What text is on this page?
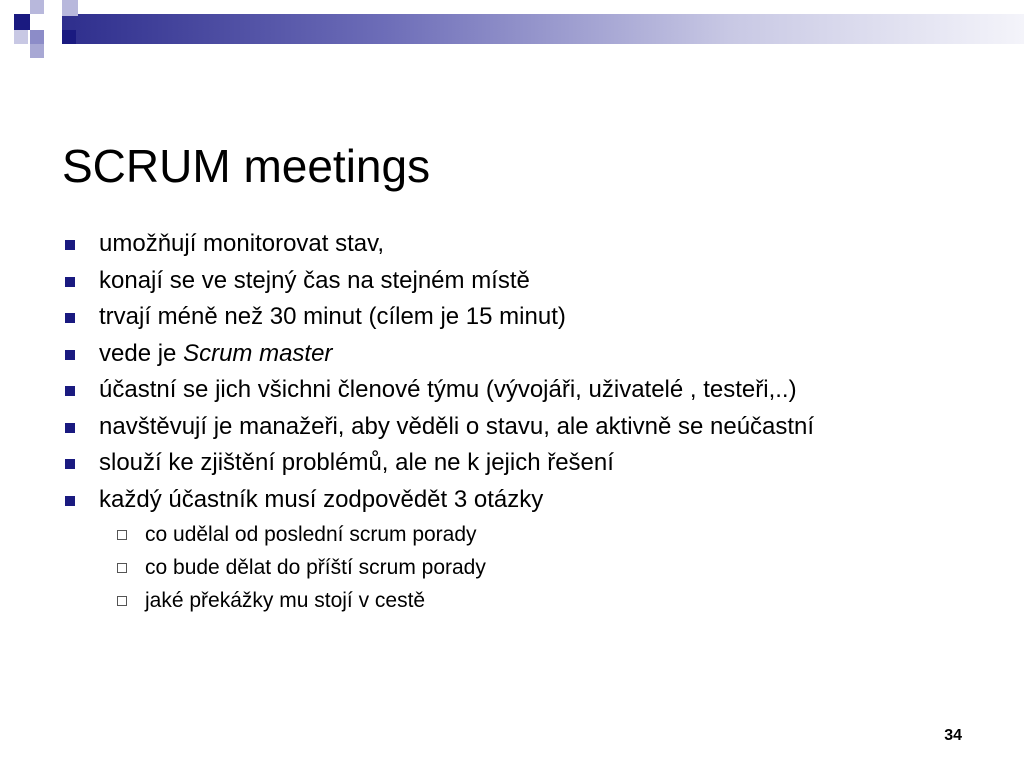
SCRUM meetings
umožňují monitorovat stav,
konají se ve stejný čas na stejném místě
trvají méně než 30 minut (cílem je 15 minut)
vede je Scrum master
účastní se jich všichni členové týmu (vývojáři, uživatelé , testeři,..)
navštěvují je manažeři, aby věděli o stavu, ale aktivně se neúčastní
slouží ke zjištění problémů, ale ne k jejich řešení
každý účastník musí zodpovědět 3 otázky
co udělal od poslední scrum porady
co bude dělat do příští scrum porady
jaké překážky mu stojí v cestě
34
